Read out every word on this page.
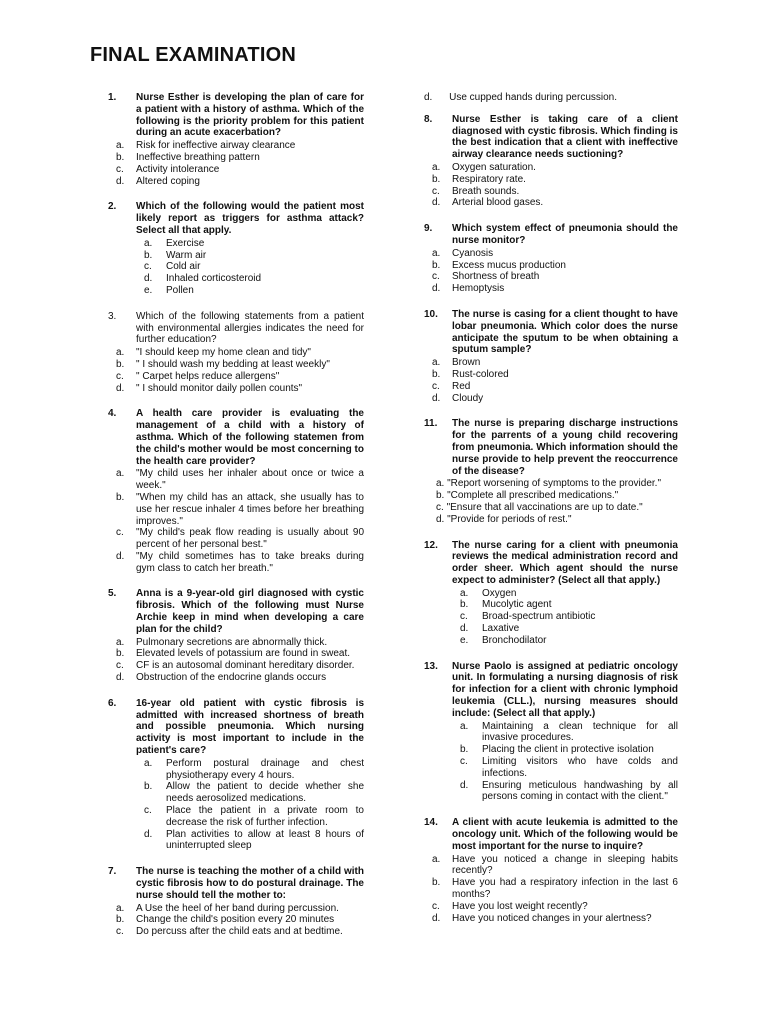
FINAL EXAMINATION
1. Nurse Esther is developing the plan of care for a patient with a history of asthma. Which of the following is the priority problem for this patient during an acute exacerbation?
a. Risk for ineffective airway clearance
b. Ineffective breathing pattern
c. Activity intolerance
d. Altered coping
2. Which of the following would the patient most likely report as triggers for asthma attack? Select all that apply.
a. Exercise
b. Warm air
c. Cold air
d. Inhaled corticosteroid
e. Pollen
3. Which of the following statements from a patient with environmental allergies indicates the need for further education?
a. "I should keep my home clean and tidy"
b. " I should wash my bedding at least weekly"
c. " Carpet helps reduce allergens"
d. " I should monitor daily pollen counts"
4. A health care provider is evaluating the management of a child with a history of asthma. Which of the following statemen from the child's mother would be most concerning to the health care provider?
a. "My child uses her inhaler about once or twice a week."
b. "When my child has an attack, she usually has to use her rescue inhaler 4 times before her breathing improves."
c. "My child's peak flow reading is usually about 90 percent of her personal best."
d. "My child sometimes has to take breaks during gym class to catch her breath."
5. Anna is a 9-year-old girl diagnosed with cystic fibrosis. Which of the following must Nurse Archie keep in mind when developing a care plan for the child?
a. Pulmonary secretions are abnormally thick.
b. Elevated levels of potassium are found in sweat.
c. CF is an autosomal dominant hereditary disorder.
d. Obstruction of the endocrine glands occurs
6. 16-year old patient with cystic fibrosis is admitted with increased shortness of breath and possible pneumonia. Which nursing activity is most important to include in the patient's care?
a. Perform postural drainage and chest physiotherapy every 4 hours.
b. Allow the patient to decide whether she needs aerosolized medications.
c. Place the patient in a private room to decrease the risk of further infection.
d. Plan activities to allow at least 8 hours of uninterrupted sleep
7. The nurse is teaching the mother of a child with cystic fibrosis how to do postural drainage. The nurse should tell the mother to:
a. A Use the heel of her band during percussion.
b. Change the child's position every 20 minutes
c. Do percuss after the child eats and at bedtime.
d. Use cupped hands during percussion.
8. Nurse Esther is taking care of a client diagnosed with cystic fibrosis. Which finding is the best indication that a client with ineffective airway clearance needs suctioning?
a. Oxygen saturation.
b. Respiratory rate.
c. Breath sounds.
d. Arterial blood gases.
9. Which system effect of pneumonia should the nurse monitor?
a. Cyanosis
b. Excess mucus production
c. Shortness of breath
d. Hemoptysis
10. The nurse is casing for a client thought to have lobar pneumonia. Which color does the nurse anticipate the sputum to be when obtaining a sputum sample?
a. Brown
b. Rust-colored
c. Red
d. Cloudy
11. The nurse is preparing discharge instructions for the parrents of a young child recovering from pneumonia. Which information should the nurse provide to help prevent the reoccurrence of the disease?
a. "Report worsening of symptoms to the provider."
b. "Complete all prescribed medications."
c. "Ensure that all vaccinations are up to date."
d. "Provide for periods of rest."
12. The nurse caring for a client with pneumonia reviews the medical administration record and order sheer. Which agent should the nurse expect to administer? (Select all that apply.)
a. Oxygen
b. Mucolytic agent
c. Broad-spectrum antibiotic
d. Laxative
e. Bronchodilator
13. Nurse Paolo is assigned at pediatric oncology unit. In formulating a nursing diagnosis of risk for infection for a client with chronic lymphoid leukemia (CLL.), nursing measures should include: (Select all that apply.)
a. Maintaining a clean technique for all invasive procedures.
b. Placing the client in protective isolation
c. Limiting visitors who have colds and infections.
d. Ensuring meticulous handwashing by all persons coming in contact with the client."
14. A client with acute leukemia is admitted to the oncology unit. Which of the following would be most important for the nurse to inquire?
a. Have you noticed a change in sleeping habits recently?
b. Have you had a respiratory infection in the last 6 months?
c. Have you lost weight recently?
d. Have you noticed changes in your alertness?
